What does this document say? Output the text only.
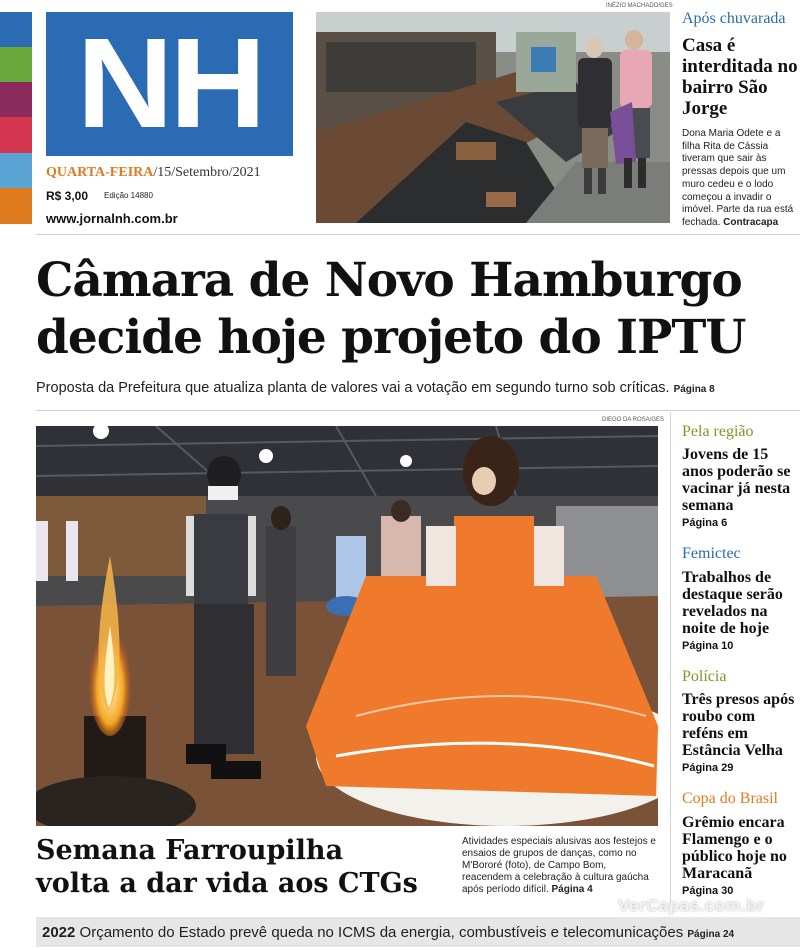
NH
QUARTA-FEIRA/15/Setembro/2021
R$ 3,00 Edição 14880
www.jornalnh.com.br
INÉZIO MACHADO/GES
Após chuvarada
Casa é interditada no bairro São Jorge
Dona Maria Odete e a filha Rita de Cássia tiveram que sair às pressas depois que um muro cedeu e o lodo começou a invadir o imóvel. Parte da rua está fechada. Contracapa
Câmara de Novo Hamburgo
decide hoje projeto do IPTU
Proposta da Prefeitura que atualiza planta de valores vai a votação em segundo turno sob críticas. Página 8
DIEGO DA ROSA/GES
Pela região
Jovens de 15 anos poderão se vacinar já nesta semana
Página 6
Femictec
Trabalhos de destaque serão revelados na noite de hoje
Página 10
Polícia
Três presos após roubo com reféns em Estância Velha
Página 29
Copa do Brasil
Grêmio encara Flamengo e o público hoje no Maracanã
Página 30
Semana Farroupilha
volta a dar vida aos CTGs
Atividades especiais alusivas aos festejos e ensaios de grupos de danças, como no M'Bororé (foto), de Campo Bom, reacendem a celebração à cultura gaúcha após período difícil. Página 4
2022 Orçamento do Estado prevê queda no ICMS da energia, combustíveis e telecomunicações Página 24
VerCapas.com.br
